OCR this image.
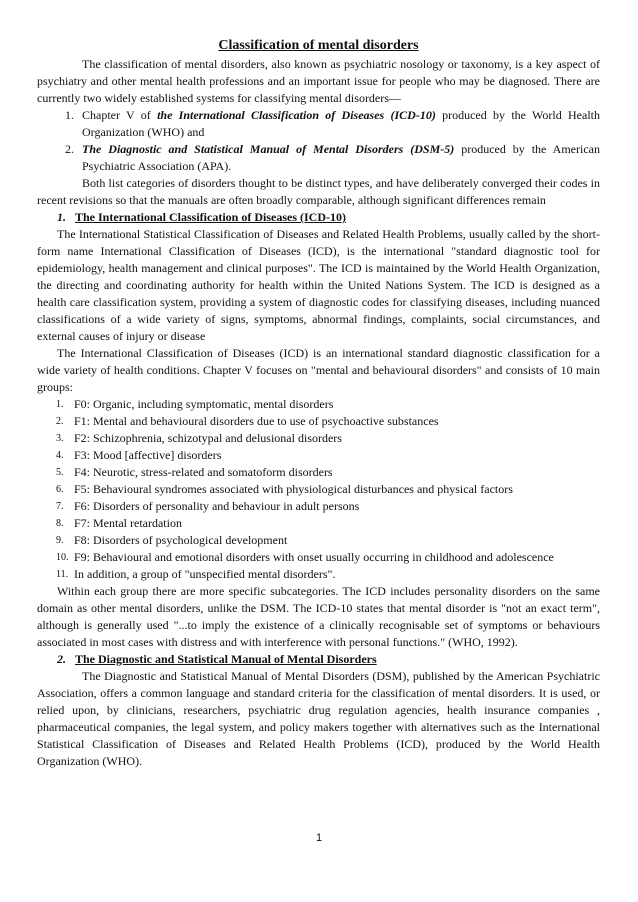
Classification of mental disorders

The classification of mental disorders, also known as psychiatric nosology or taxonomy, is a key aspect of psychiatry and other mental health professions and an important issue for people who may be diagnosed. There are currently two widely established systems for classifying mental disorders—

1. Chapter V of the International Classification of Diseases (ICD-10) produced by the World Health Organization (WHO) and
2. The Diagnostic and Statistical Manual of Mental Disorders (DSM-5) produced by the American Psychiatric Association (APA).

Both list categories of disorders thought to be distinct types, and have deliberately converged their codes in recent revisions so that the manuals are often broadly comparable, although significant differences remain

1. The International Classification of Diseases (ICD-10)

The International Statistical Classification of Diseases and Related Health Problems, usually called by the short-form name International Classification of Diseases (ICD), is the international "standard diagnostic tool for epidemiology, health management and clinical purposes". The ICD is maintained by the World Health Organization, the directing and coordinating authority for health within the United Nations System. The ICD is designed as a health care classification system, providing a system of diagnostic codes for classifying diseases, including nuanced classifications of a wide variety of signs, symptoms, abnormal findings, complaints, social circumstances, and external causes of injury or disease

The International Classification of Diseases (ICD) is an international standard diagnostic classification for a wide variety of health conditions. Chapter V focuses on "mental and behavioural disorders" and consists of 10 main groups:

1. F0: Organic, including symptomatic, mental disorders
2. F1: Mental and behavioural disorders due to use of psychoactive substances
3. F2: Schizophrenia, schizotypal and delusional disorders
4. F3: Mood [affective] disorders
5. F4: Neurotic, stress-related and somatoform disorders
6. F5: Behavioural syndromes associated with physiological disturbances and physical factors
7. F6: Disorders of personality and behaviour in adult persons
8. F7: Mental retardation
9. F8: Disorders of psychological development
10. F9: Behavioural and emotional disorders with onset usually occurring in childhood and adolescence
11. In addition, a group of "unspecified mental disorders".

Within each group there are more specific subcategories. The ICD includes personality disorders on the same domain as other mental disorders, unlike the DSM. The ICD-10 states that mental disorder is "not an exact term", although is generally used "...to imply the existence of a clinically recognisable set of symptoms or behaviours associated in most cases with distress and with interference with personal functions." (WHO, 1992).

2. The Diagnostic and Statistical Manual of Mental Disorders

The Diagnostic and Statistical Manual of Mental Disorders (DSM), published by the American Psychiatric Association, offers a common language and standard criteria for the classification of mental disorders. It is used, or relied upon, by clinicians, researchers, psychiatric drug regulation agencies, health insurance companies , pharmaceutical companies, the legal system, and policy makers together with alternatives such as the International Statistical Classification of Diseases and Related Health Problems (ICD), produced by the World Health Organization (WHO).

1
